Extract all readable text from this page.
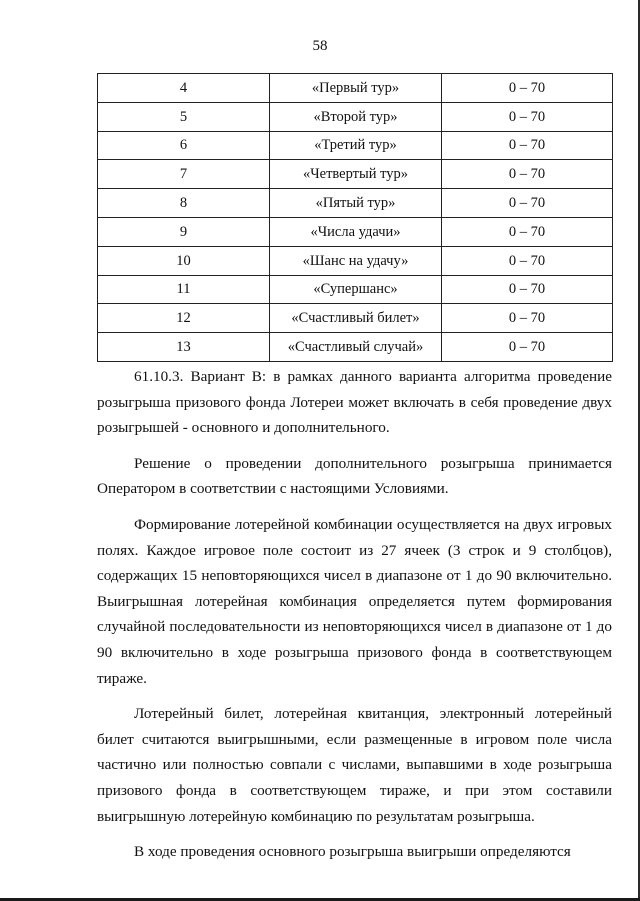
58
4	«Первый тур»	0 – 70
5	«Второй тур»	0 – 70
6	«Третий тур»	0 – 70
7	«Четвертый тур»	0 – 70
8	«Пятый тур»	0 – 70
9	«Числа удачи»	0 – 70
10	«Шанс на удачу»	0 – 70
11	«Супершанс»	0 – 70
12	«Счастливый билет»	0 – 70
13	«Счастливый случай»	0 – 70

61.10.3. Вариант В: в рамках данного варианта алгоритма проведение розыгрыша призового фонда Лотереи может включать в себя проведение двух розыгрышей - основного и дополнительного.

Решение о проведении дополнительного розыгрыша принимается Оператором в соответствии с настоящими Условиями.

Формирование лотерейной комбинации осуществляется на двух игровых полях. Каждое игровое поле состоит из 27 ячеек (3 строк и 9 столбцов), содержащих 15 неповторяющихся чисел в диапазоне от 1 до 90 включительно. Выигрышная лотерейная комбинация определяется путем формирования случайной последовательности из неповторяющихся чисел в диапазоне от 1 до 90 включительно в ходе розыгрыша призового фонда в соответствующем тираже.

Лотерейный билет, лотерейная квитанция, электронный лотерейный билет считаются выигрышными, если размещенные в игровом поле числа частично или полностью совпали с числами, выпавшими в ходе розыгрыша призового фонда в соответствующем тираже, и при этом составили выигрышную лотерейную комбинацию по результатам розыгрыша.

В ходе проведения основного розыгрыша выигрыши определяются
